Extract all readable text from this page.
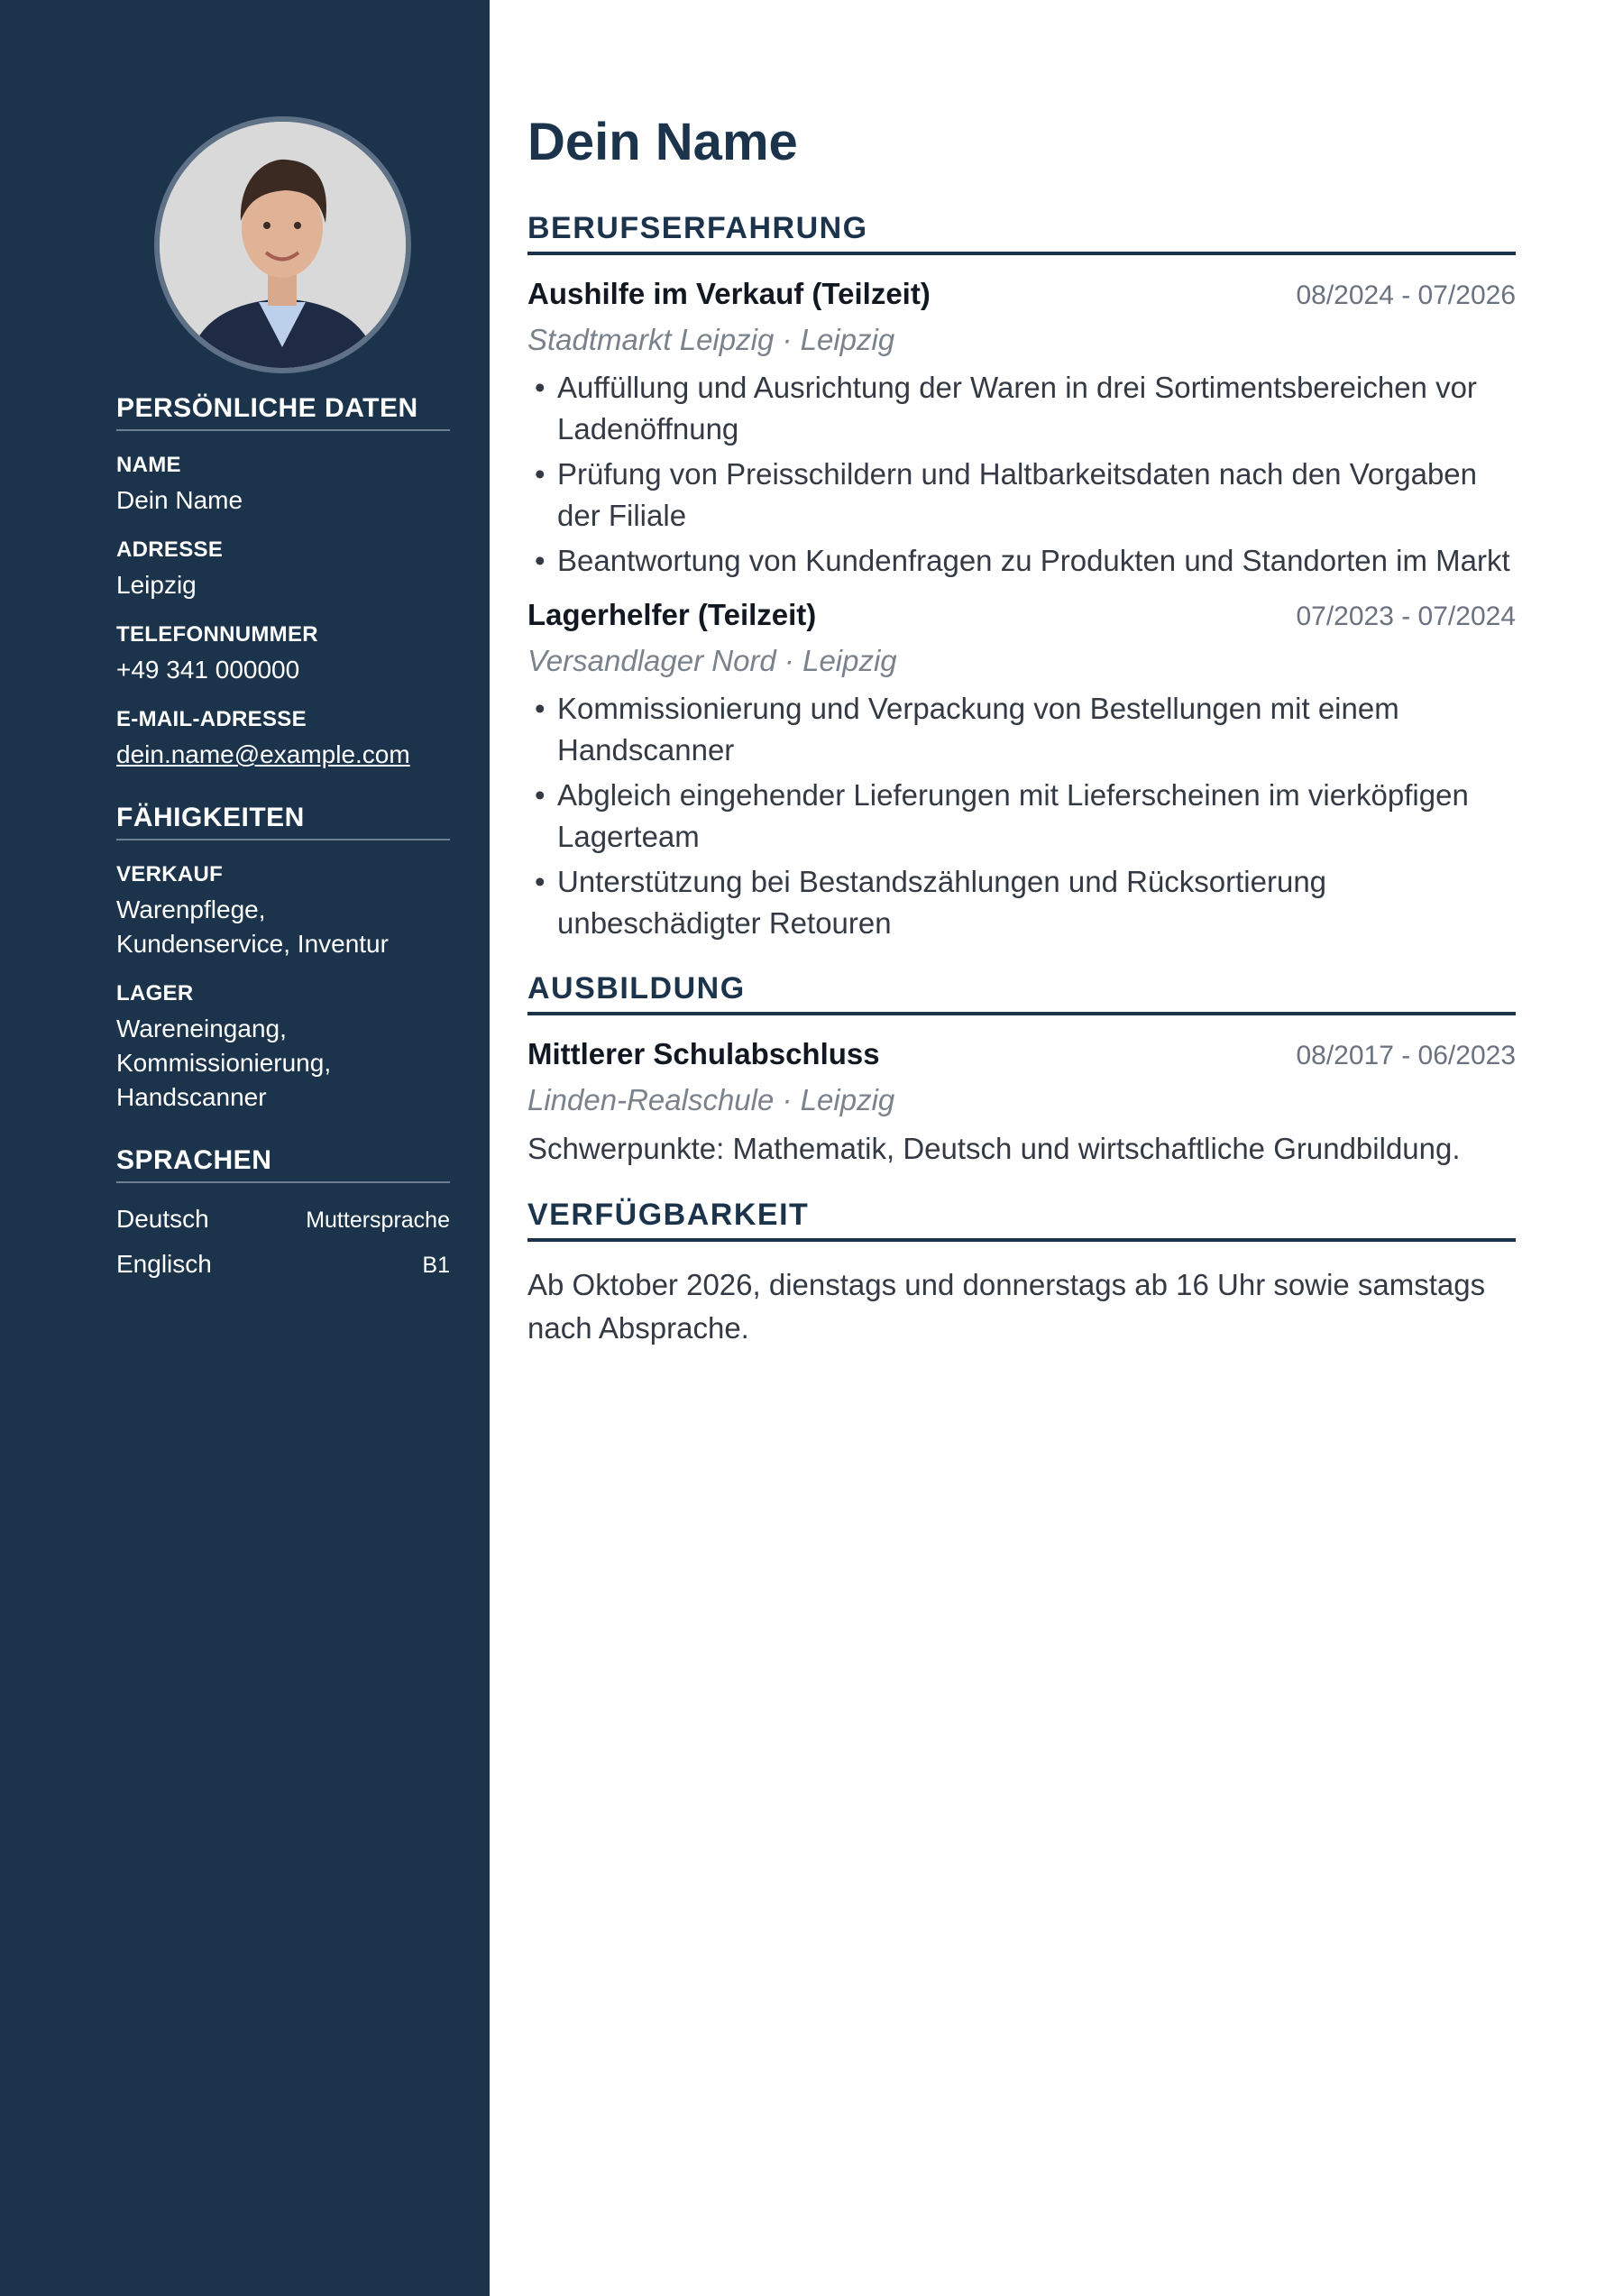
PERSÖNLICHE DATEN
NAME
Dein Name
ADRESSE
Leipzig
TELEFONNUMMER
+49 341 000000
E-MAIL-ADRESSE
dein.name@example.com
FÄHIGKEITEN
VERKAUF
Warenpflege, Kundenservice, Inventur
LAGER
Wareneingang, Kommissionierung, Handscanner
SPRACHEN
Deutsch	Muttersprache
Englisch	B1
Dein Name
BERUFSERFAHRUNG
Aushilfe im Verkauf (Teilzeit)	08/2024 - 07/2026
Stadtmarkt Leipzig · Leipzig
• Auffüllung und Ausrichtung der Waren in drei Sortimentsbereichen vor Ladenöffnung
• Prüfung von Preisschildern und Haltbarkeitsdaten nach den Vorgaben der Filiale
• Beantwortung von Kundenfragen zu Produkten und Standorten im Markt
Lagerhelfer (Teilzeit)	07/2023 - 07/2024
Versandlager Nord · Leipzig
• Kommissionierung und Verpackung von Bestellungen mit einem Handscanner
• Abgleich eingehender Lieferungen mit Lieferscheinen im vierköpfigen Lagerteam
• Unterstützung bei Bestandszählungen und Rücksortierung unbeschädigter Retouren
AUSBILDUNG
Mittlerer Schulabschluss	08/2017 - 06/2023
Linden-Realschule · Leipzig
Schwerpunkte: Mathematik, Deutsch und wirtschaftliche Grundbildung.
VERFÜGBARKEIT
Ab Oktober 2026, dienstags und donnerstags ab 16 Uhr sowie samstags nach Absprache.
